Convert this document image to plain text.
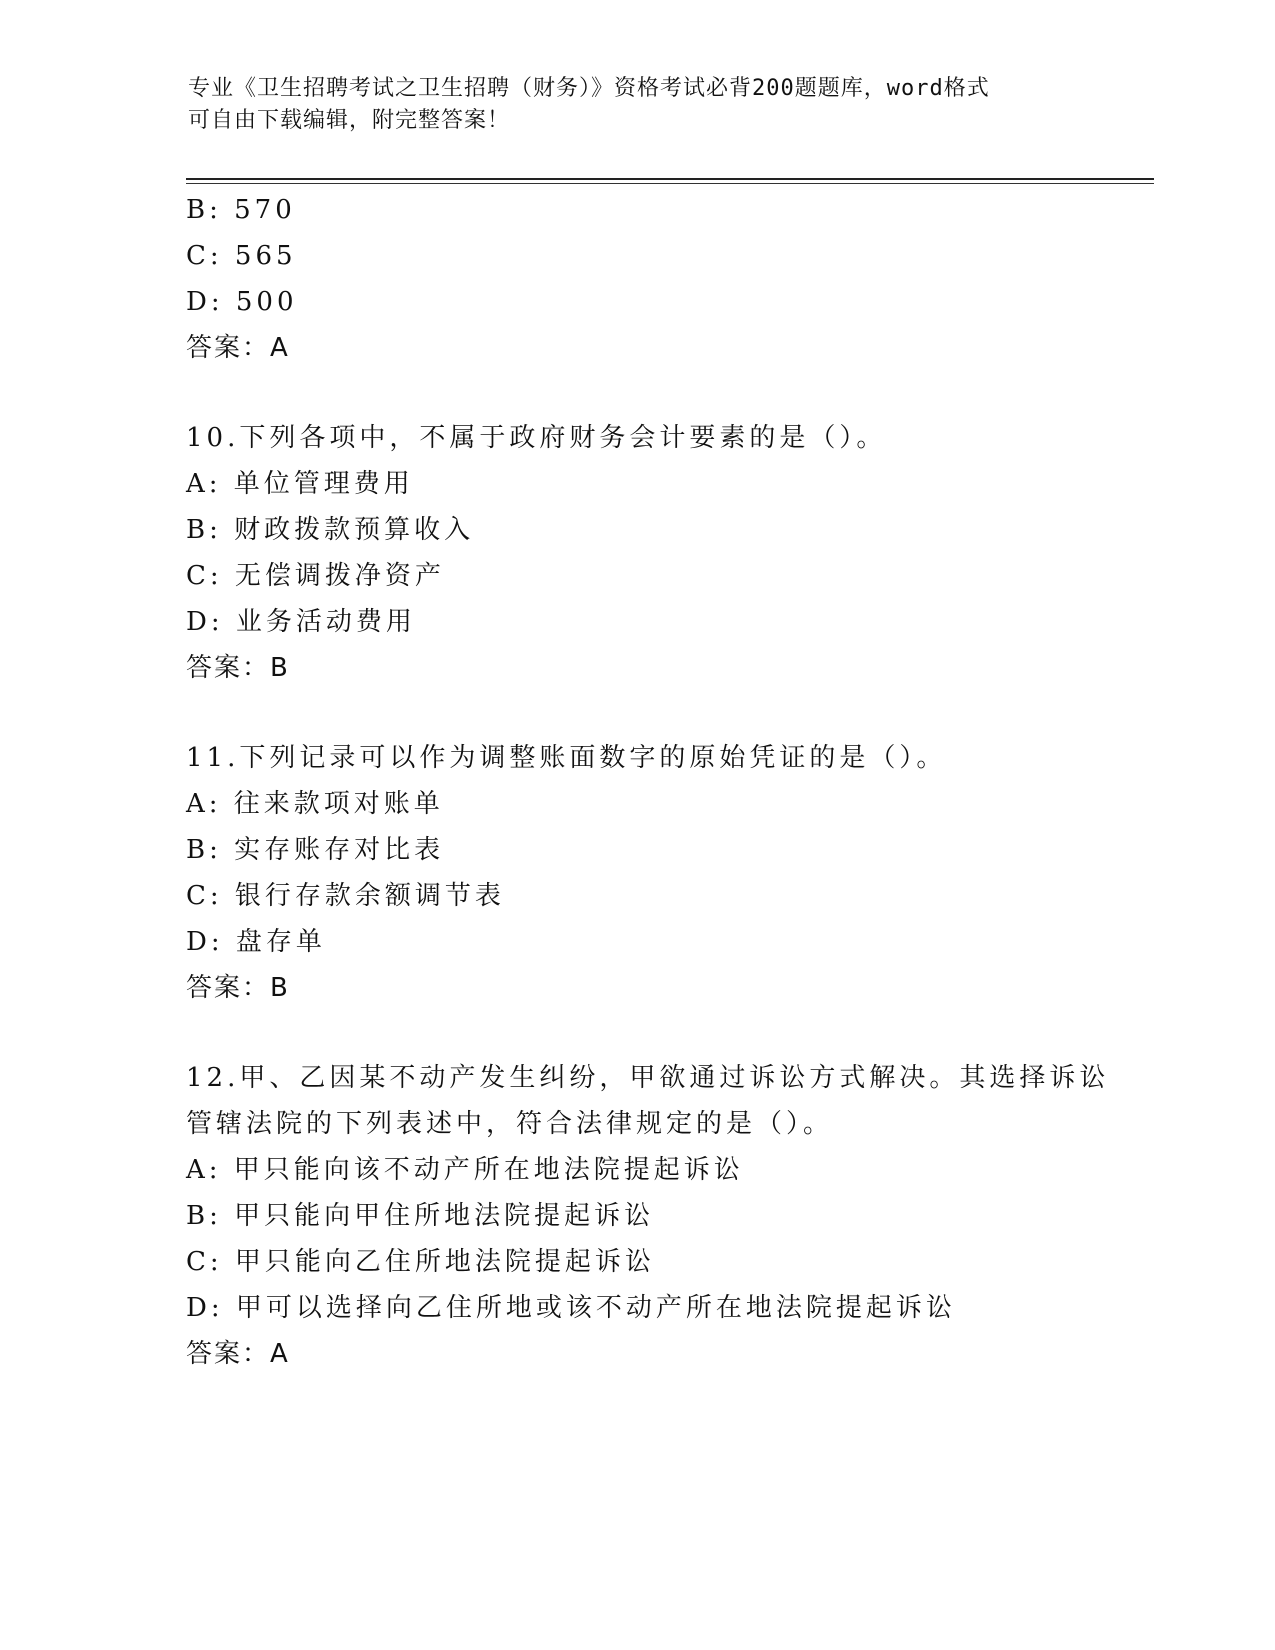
专业《卫生招聘考试之卫生招聘（财务）》资格考试必背200题题库，word格式
可自由下载编辑，附完整答案！
B: 570
C: 565
D: 500
答案：A
10.下列各项中，不属于政府财务会计要素的是（）。
A: 单位管理费用
B: 财政拨款预算收入
C: 无偿调拨净资产
D: 业务活动费用
答案：B
11.下列记录可以作为调整账面数字的原始凭证的是（）。
A: 往来款项对账单
B: 实存账存对比表
C: 银行存款余额调节表
D: 盘存单
答案：B
12.甲、乙因某不动产发生纠纷，甲欲通过诉讼方式解决。其选择诉讼
管辖法院的下列表述中，符合法律规定的是（）。
A: 甲只能向该不动产所在地法院提起诉讼
B: 甲只能向甲住所地法院提起诉讼
C: 甲只能向乙住所地法院提起诉讼
D: 甲可以选择向乙住所地或该不动产所在地法院提起诉讼
答案：A
